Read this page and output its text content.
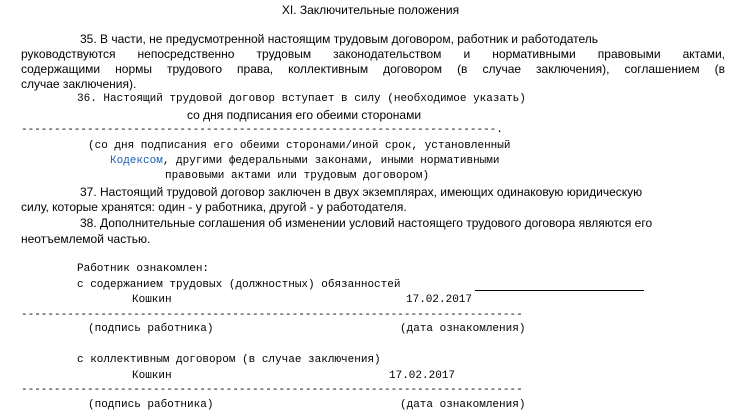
XI. Заключительные положения
35. В части, не предусмотренной настоящим трудовым договором, работник и работодатель
руководствуются непосредственно трудовым законодательством и нормативными правовыми актами,
содержащими нормы трудового права, коллективным договором (в случае заключения), соглашением (в
случае заключения).
36. Настоящий трудовой договор вступает в силу (необходимое указать)
со дня подписания его обеими сторонами
------------------------------------------------------------------------.
(со дня подписания его обеими сторонами/иной срок, установленный
Кодексом, другими федеральными законами, иными нормативными
правовыми актами или трудовым договором)
37. Настоящий трудовой договор заключен в двух экземплярах, имеющих одинаковую юридическую
силу, которые хранятся: один - у работника, другой - у работодателя.
38. Дополнительные соглашения об изменении условий настоящего трудового договора являются его
неотъемлемой частью.
Работник ознакомлен:
с содержанием трудовых (должностных) обязанностей
Кошкин	17.02.2017
----------------------------------------------------------------------------
(подпись работника)	(дата ознакомления)
с коллективным договором (в случае заключения)
Кошкин	17.02.2017
----------------------------------------------------------------------------
(подпись работника)	(дата ознакомления)
